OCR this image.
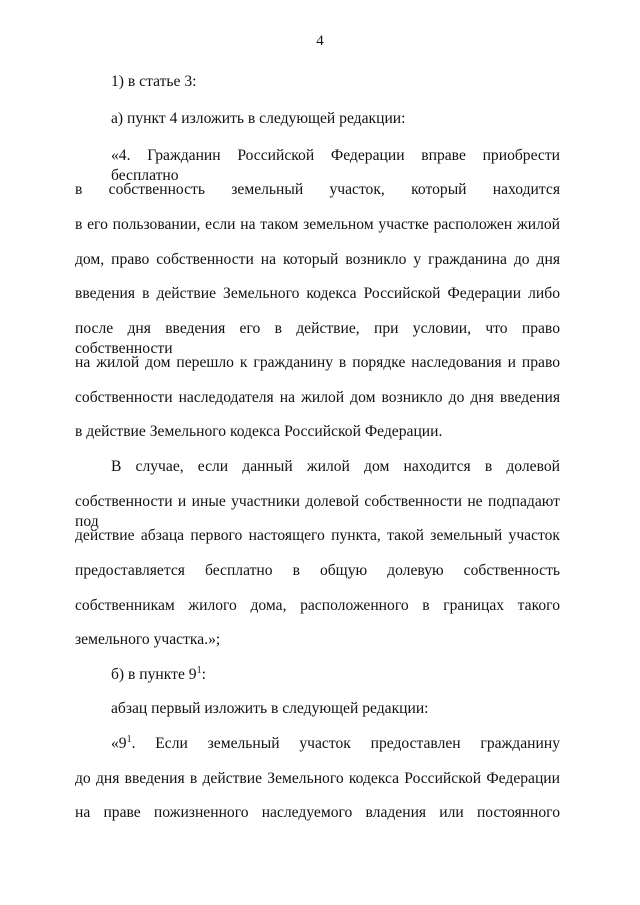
4
1) в статье 3:
а) пункт 4 изложить в следующей редакции:
«4. Гражданин Российской Федерации вправе приобрести бесплатно
в собственность земельный участок, который находится
в его пользовании, если на таком земельном участке расположен жилой
дом, право собственности на который возникло у гражданина до дня
введения в действие Земельного кодекса Российской Федерации либо
после дня введения его в действие, при условии, что право собственности
на жилой дом перешло к гражданину в порядке наследования и право
собственности наследодателя на жилой дом возникло до дня введения
в действие Земельного кодекса Российской Федерации.
В случае, если данный жилой дом находится в долевой
собственности и иные участники долевой собственности не подпадают под
действие абзаца первого настоящего пункта, такой земельный участок
предоставляется бесплатно в общую долевую собственность
собственникам жилого дома, расположенного в границах такого
земельного участка.»;
б) в пункте $9^1$:
абзац первый изложить в следующей редакции:
«$9^1$. Если земельный участок предоставлен гражданину
до дня введения в действие Земельного кодекса Российской Федерации
на праве пожизненного наследуемого владения или постоянного
